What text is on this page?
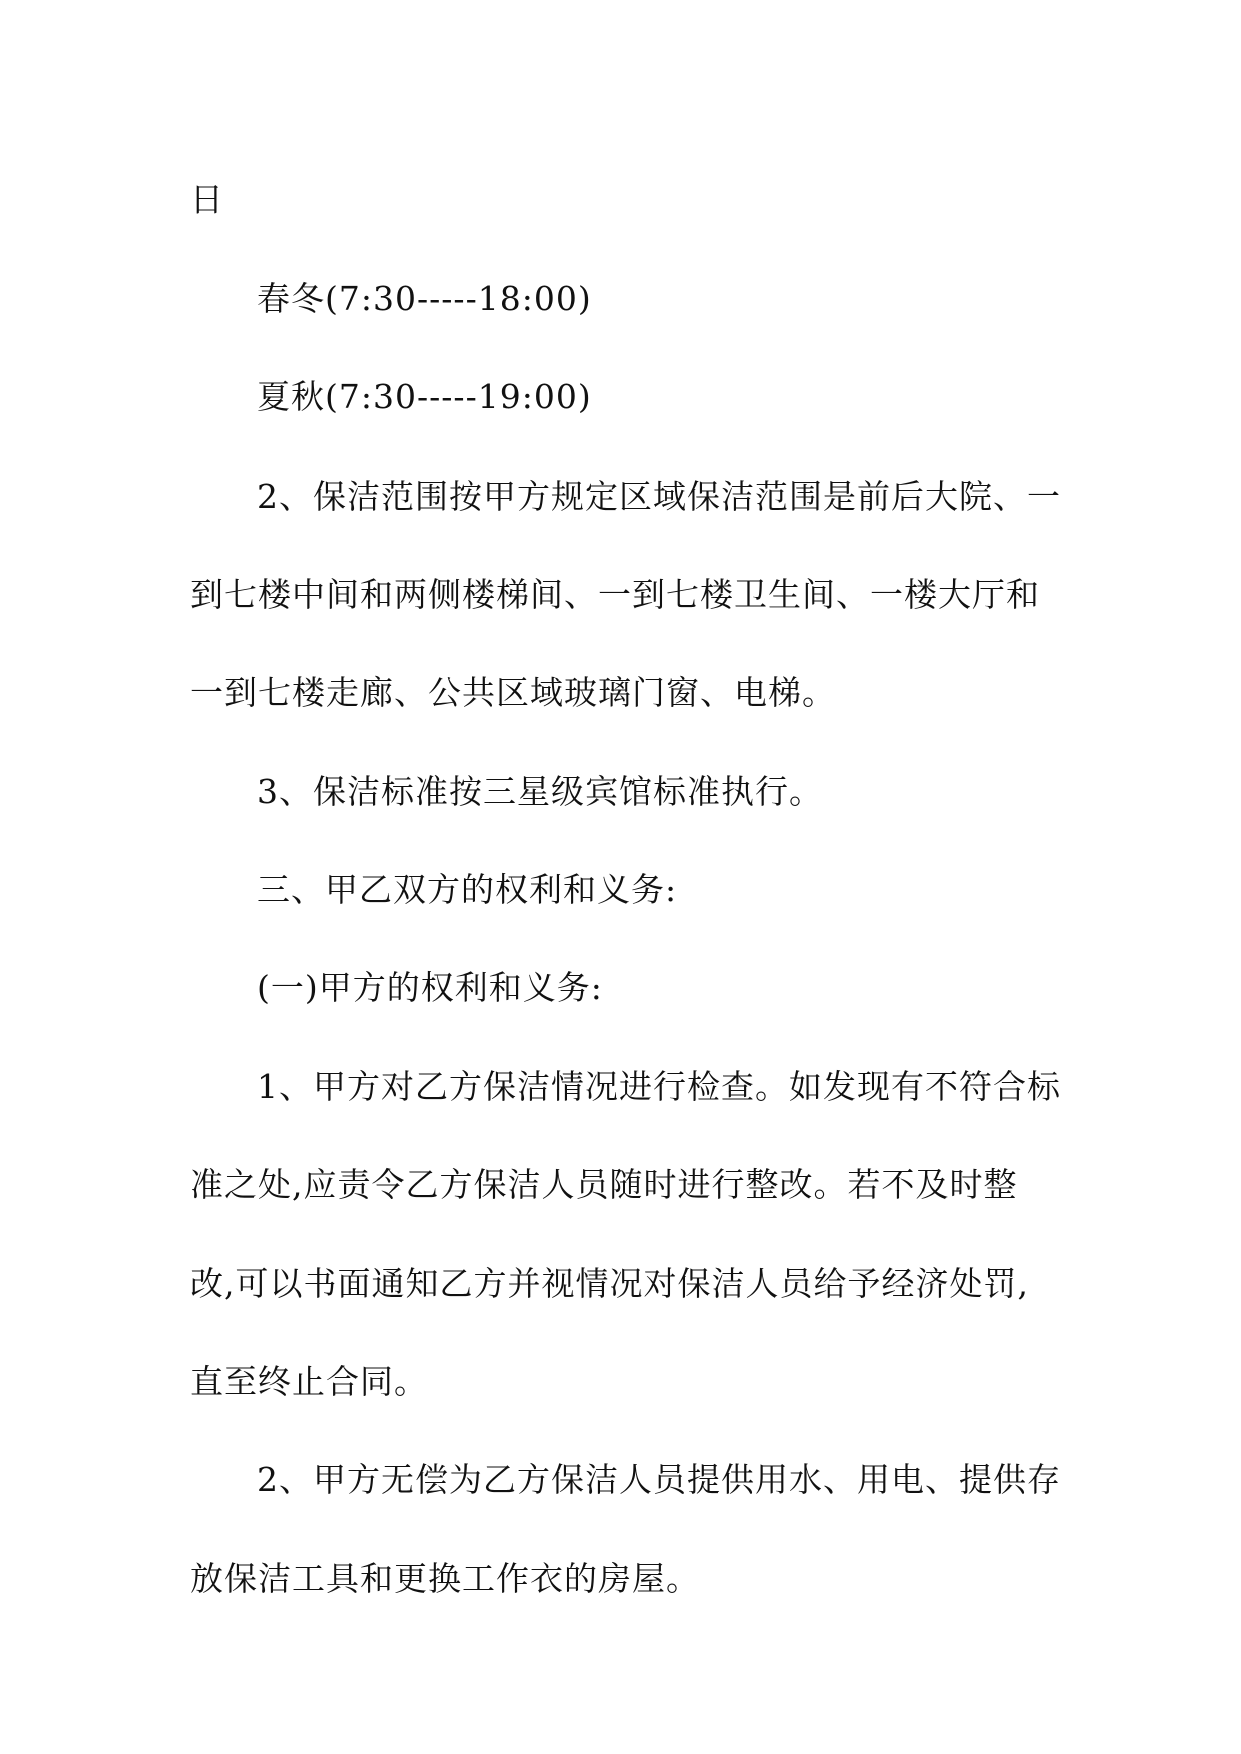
日
春冬(7:30-----18:00)
夏秋(7:30-----19:00)
2、保洁范围按甲方规定区域保洁范围是前后大院、一
到七楼中间和两侧楼梯间、一到七楼卫生间、一楼大厅和
一到七楼走廊、公共区域玻璃门窗、电梯。
3、保洁标准按三星级宾馆标准执行。
三、甲乙双方的权利和义务:
(一)甲方的权利和义务:
1、甲方对乙方保洁情况进行检查。如发现有不符合标
准之处,应责令乙方保洁人员随时进行整改。若不及时整
改,可以书面通知乙方并视情况对保洁人员给予经济处罚,
直至终止合同。
2、甲方无偿为乙方保洁人员提供用水、用电、提供存
放保洁工具和更换工作衣的房屋。
